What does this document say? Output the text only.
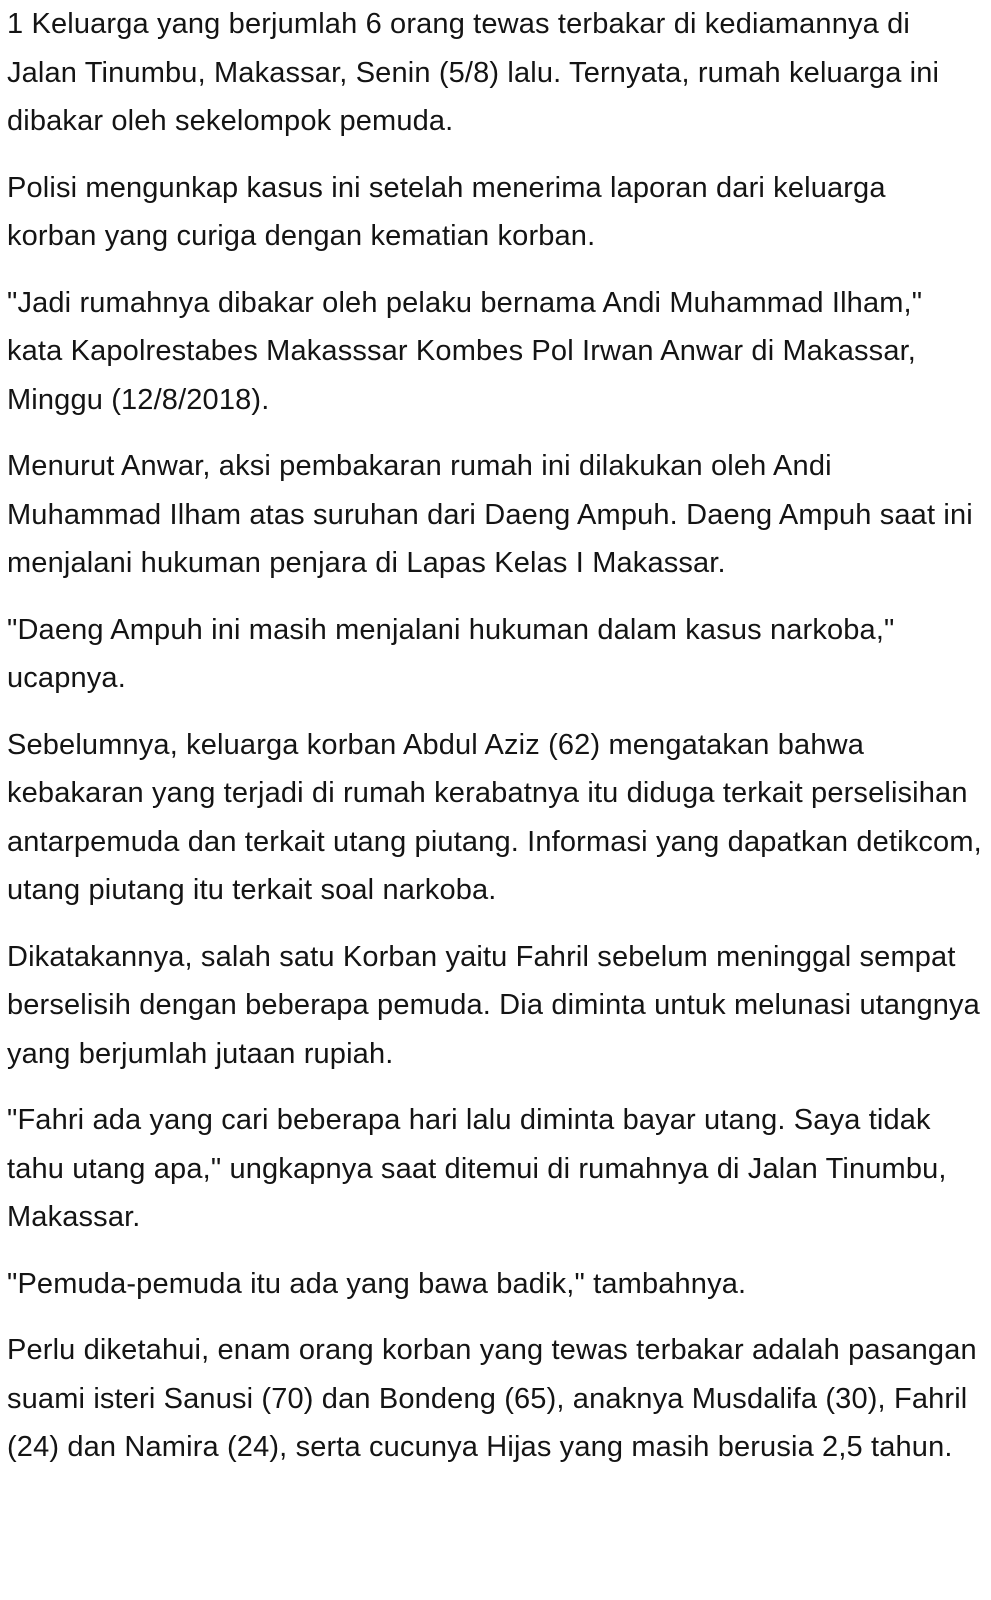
1 Keluarga yang berjumlah 6 orang tewas terbakar di kediamannya di Jalan Tinumbu, Makassar, Senin (5/8) lalu. Ternyata, rumah keluarga ini dibakar oleh sekelompok pemuda.

Polisi mengunkap kasus ini setelah menerima laporan dari keluarga korban yang curiga dengan kematian korban.

"Jadi rumahnya dibakar oleh pelaku bernama Andi Muhammad Ilham," kata Kapolrestabes Makasssar Kombes Pol Irwan Anwar di Makassar, Minggu (12/8/2018).

Menurut Anwar, aksi pembakaran rumah ini dilakukan oleh Andi Muhammad Ilham atas suruhan dari Daeng Ampuh. Daeng Ampuh saat ini menjalani hukuman penjara di Lapas Kelas I Makassar.

"Daeng Ampuh ini masih menjalani hukuman dalam kasus narkoba," ucapnya.

Sebelumnya, keluarga korban Abdul Aziz (62) mengatakan bahwa kebakaran yang terjadi di rumah kerabatnya itu diduga terkait perselisihan antarpemuda dan terkait utang piutang. Informasi yang dapatkan detikcom, utang piutang itu terkait soal narkoba.

Dikatakannya, salah satu Korban yaitu Fahril sebelum meninggal sempat berselisih dengan beberapa pemuda. Dia diminta untuk melunasi utangnya yang berjumlah jutaan rupiah.

"Fahri ada yang cari beberapa hari lalu diminta bayar utang. Saya tidak tahu utang apa," ungkapnya saat ditemui di rumahnya di Jalan Tinumbu, Makassar.

"Pemuda-pemuda itu ada yang bawa badik," tambahnya.

Perlu diketahui, enam orang korban yang tewas terbakar adalah pasangan suami isteri Sanusi (70) dan Bondeng (65), anaknya Musdalifa (30), Fahril (24) dan Namira (24), serta cucunya Hijas yang masih berusia 2,5 tahun.
